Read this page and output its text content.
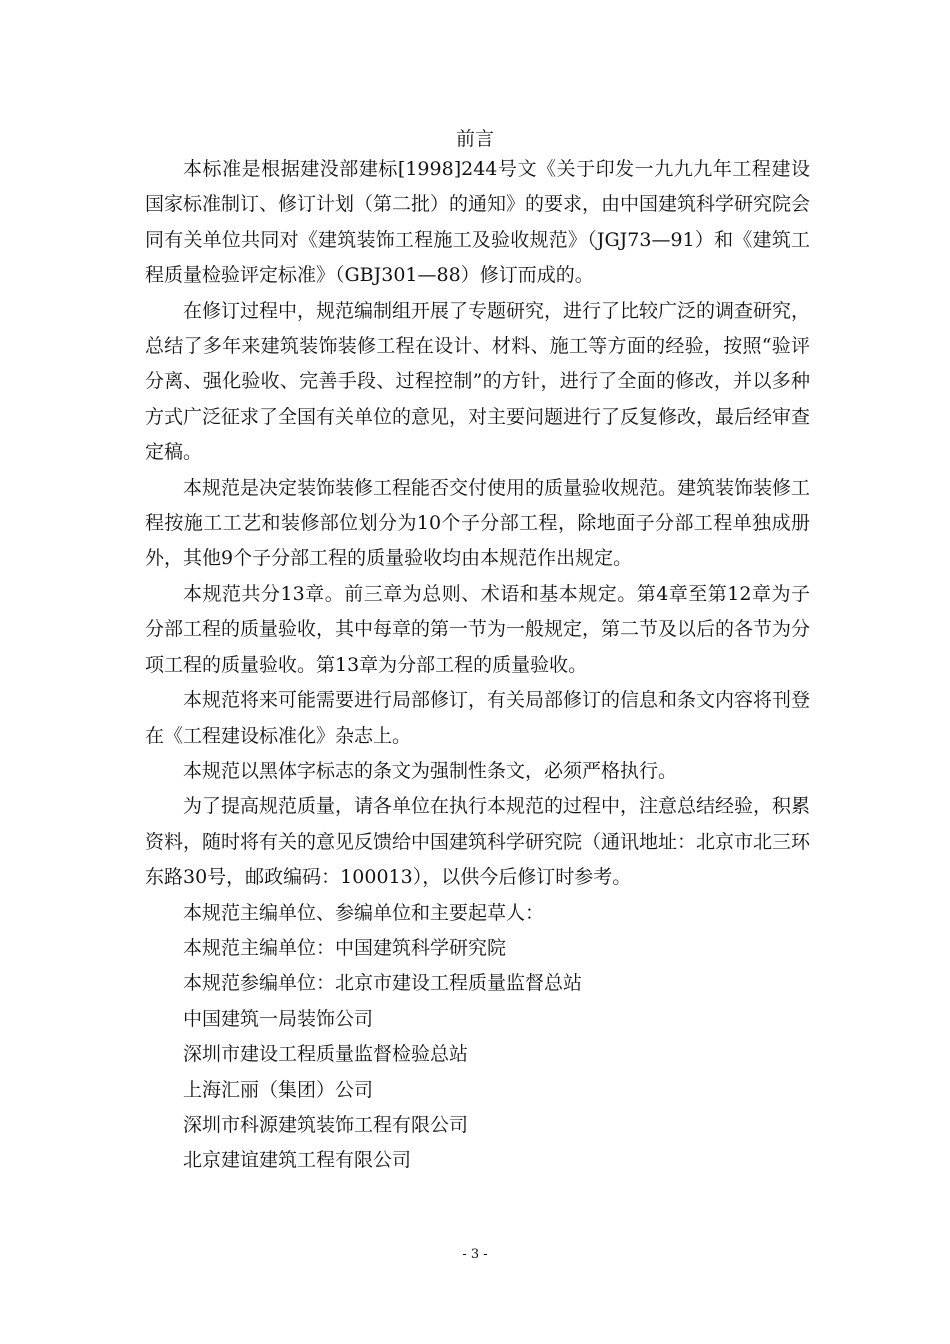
前言

本标准是根据建没部建标[1998]244号文《关于印发一九九九年工程建设国家标准制订、修订计划（第二批）的通知》的要求，由中国建筑科学研究院会同有关单位共同对《建筑装饰工程施工及验收规范》（JGJ73—91）和《建筑工程质量检验评定标准》（GBJ301—88）修订而成的。

在修订过程中，规范编制组开展了专题研究，进行了比较广泛的调查研究，总结了多年来建筑装饰装修工程在设计、材料、施工等方面的经验，按照“验评分离、强化验收、完善手段、过程控制”的方针，进行了全面的修改，并以多种方式广泛征求了全国有关单位的意见，对主要问题进行了反复修改，最后经审查定稿。

本规范是决定装饰装修工程能否交付使用的质量验收规范。建筑装饰装修工程按施工工艺和装修部位划分为10个子分部工程，除地面子分部工程单独成册外，其他9个子分部工程的质量验收均由本规范作出规定。

本规范共分13章。前三章为总则、术语和基本规定。第4章至第12章为子分部工程的质量验收，其中每章的第一节为一般规定，第二节及以后的各节为分项工程的质量验收。第13章为分部工程的质量验收。

本规范将来可能需要进行局部修订，有关局部修订的信息和条文内容将刊登在《工程建设标准化》杂志上。

本规范以黑体字标志的条文为强制性条文，必须严格执行。

为了提高规范质量，请各单位在执行本规范的过程中，注意总结经验，积累资料，随时将有关的意见反馈给中国建筑科学研究院（通讯地址：北京市北三环东路30号，邮政编码：100013），以供今后修订时参考。

本规范主编单位、参编单位和主要起草人：

本规范主编单位：中国建筑科学研究院

本规范参编单位：北京市建设工程质量监督总站

中国建筑一局装饰公司

深圳市建设工程质量监督检验总站

上海汇丽（集团）公司

深圳市科源建筑装饰工程有限公司

北京建谊建筑工程有限公司

- 3 -
